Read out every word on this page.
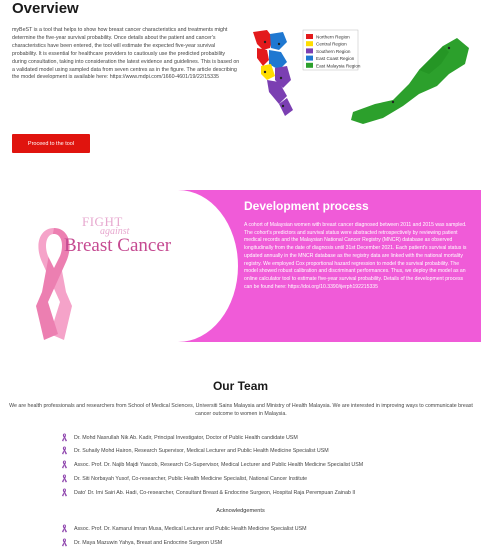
Overview

myBeST is a tool that helps to show how breast cancer characteristics and treatments might determine the five-year survival probability. Once details about the patient and cancer's characteristics have been entered, the tool will estimate the expected five-year survival probability. It is essential for healthcare providers to cautiously use the predicted probability during consultation, taking into consideration the latest evidence and guidelines. This is based on a validated model using sampled data from seven centres as in the figure. The article describing the model development is available here: https://www.mdpi.com/1660-4601/19/22/15335

Proceed to the tool
Northern Region
Central Region
Southern Region
East Coast Region
East Malaysia Region
FIGHT
against
Breast Cancer
Development process

A cohort of Malaysian women with breast cancer diagnosed between 2011 and 2015 was sampled. The cohort's predictors and survival status were abstracted retrospectively by reviewing patient medical records and the Malaysian National Cancer Registry (MNCR) database as observed longitudinally from the date of diagnosis until 31st December 2021. Each patient's survival status is updated annually in the MNCR database as the registry data are linked with the national mortality registry. We employed Cox proportional hazard regression to model the survival probability. The model showed robust calibration and discriminant performances. Thus, we deploy the model as an online calculator tool to estimate five-year survival probability. Details of the development process can be found here: https://doi.org/10.3390/ijerph192215335

Our Team

We are health professionals and researchers from School of Medical Sciences, Universiti Sains Malaysia and Ministry of Health Malaysia. We are interested in improving ways to communicate breast cancer outcome to women in Malaysia.

Dr. Mohd Nasrullah Nik Ab. Kadir, Principal Investigator, Doctor of Public Health candidate USM
Dr. Suhaily Mohd Hairon, Research Supervisor, Medical Lecturer and Public Health Medicine Specialist USM
Assoc. Prof. Dr. Najib Majdi Yaacob, Research Co-Supervisor, Medical Lecturer and Public Health Medicine Specialist USM
Dr. Siti Norbayah Yusof, Co-researcher, Public Health Medicine Specialist, National Cancer Institute
Dato' Dr. Imi Sairi Ab. Hadi, Co-researcher, Consultant Breast & Endocrine Surgeon, Hospital Raja Perempuan Zainab II
Acknowledgements
Assoc. Prof. Dr. Kamarul Imran Musa, Medical Lecturer and Public Health Medicine Specialist USM
Dr. Maya Mazuwin Yahya, Breast and Endocrine Surgeon USM
